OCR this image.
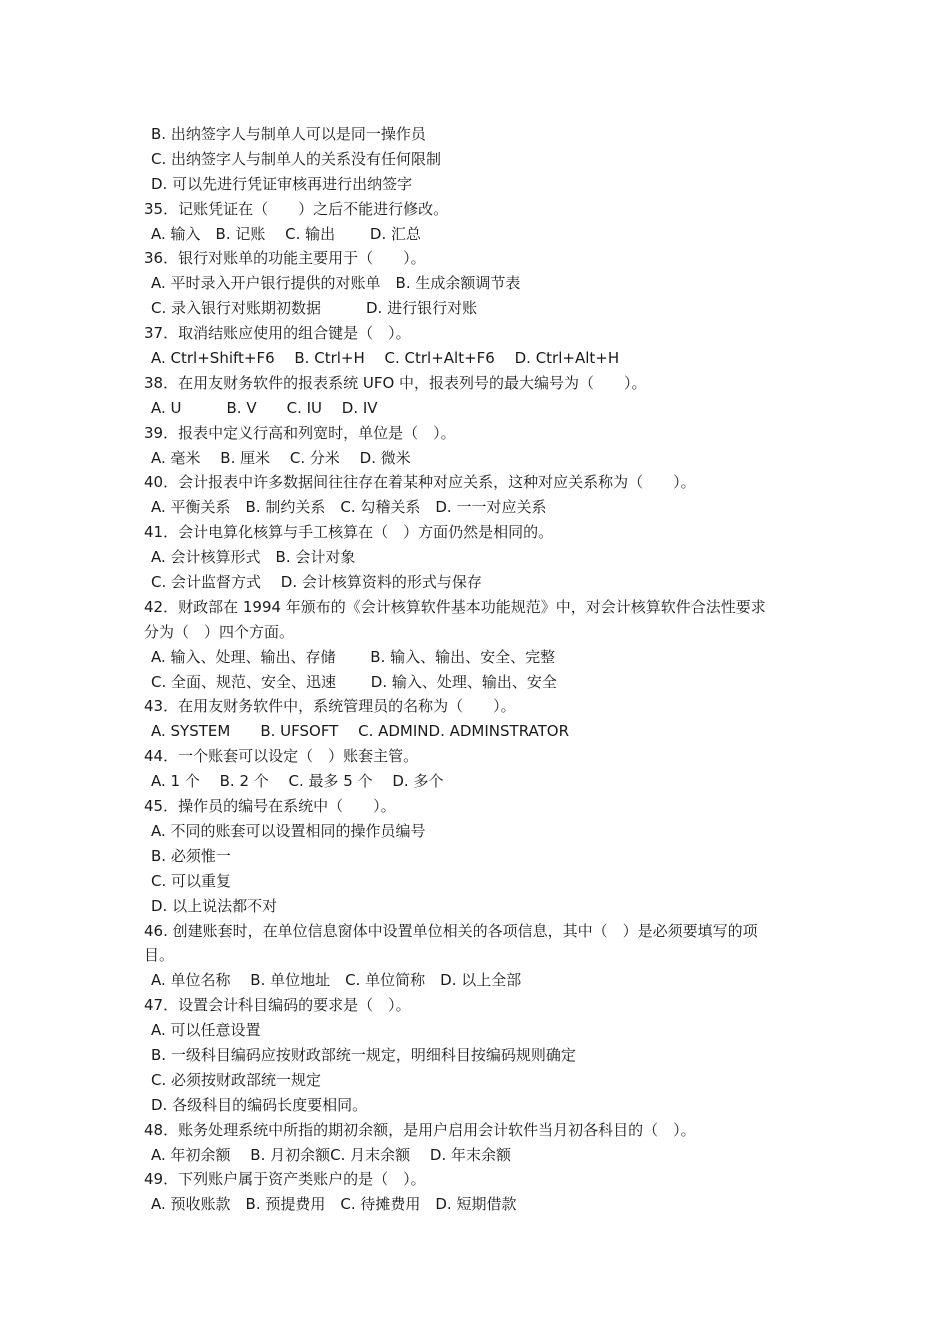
B. 出纳签字人与制单人可以是同一操作员
C. 出纳签字人与制单人的关系没有任何限制
D. 可以先进行凭证审核再进行出纳签字
35．记账凭证在（　　）之后不能进行修改。
A. 输入　B. 记账　 C. 输出　　 D. 汇总
36．银行对账单的功能主要用于（　　）。
A. 平时录入开户银行提供的对账单　B. 生成余额调节表
C. 录入银行对账期初数据　　　D. 进行银行对账
37．取消结账应使用的组合键是（　）。
A. Ctrl+Shift+F6　 B. Ctrl+H　 C. Ctrl+Alt+F6　 D. Ctrl+Alt+H
38．在用友财务软件的报表系统 UFO 中，报表列号的最大编号为（　　）。
A. U　　　B. V　　C. IU　 D. IV
39．报表中定义行高和列宽时，单位是（　）。
A. 毫米　 B. 厘米　 C. 分米　 D. 微米
40．会计报表中许多数据间往往存在着某种对应关系，这种对应关系称为（　　）。
A. 平衡关系　B. 制约关系　C. 勾稽关系　D. 一一对应关系
41．会计电算化核算与手工核算在（　）方面仍然是相同的。
A. 会计核算形式　B. 会计对象
C. 会计监督方式　 D. 会计核算资料的形式与保存
42．财政部在 1994 年颁布的《会计核算软件基本功能规范》中，对会计核算软件合法性要求
分为（　）四个方面。
A. 输入、处理、输出、存储　　 B. 输入、输出、安全、完整
C. 全面、规范、安全、迅速　　 D. 输入、处理、输出、安全
43．在用友财务软件中，系统管理员的名称为（　　）。
A. SYSTEM　　B. UFSOFT　 C. ADMIND. ADMINSTRATOR
44．一个账套可以设定（　）账套主管。
A. 1 个　 B. 2 个　 C. 最多 5 个　 D. 多个
45．操作员的编号在系统中（　　）。
A. 不同的账套可以设置相同的操作员编号
B. 必须惟一
C. 可以重复
D. 以上说法都不对
46. 创建账套时，在单位信息窗体中设置单位相关的各项信息，其中（　）是必须要填写的项
目。
A. 单位名称　 B. 单位地址　C. 单位简称　D. 以上全部
47．设置会计科目编码的要求是（　）。
A. 可以任意设置
B. 一级科目编码应按财政部统一规定，明细科目按编码规则确定
C. 必须按财政部统一规定
D. 各级科目的编码长度要相同。
48．账务处理系统中所指的期初余额，是用户启用会计软件当月初各科目的（　）。
A. 年初余额　 B. 月初余额C. 月末余额　 D. 年末余额
49．下列账户属于资产类账户的是（　）。
A. 预收账款　B. 预提费用　C. 待摊费用　D. 短期借款
